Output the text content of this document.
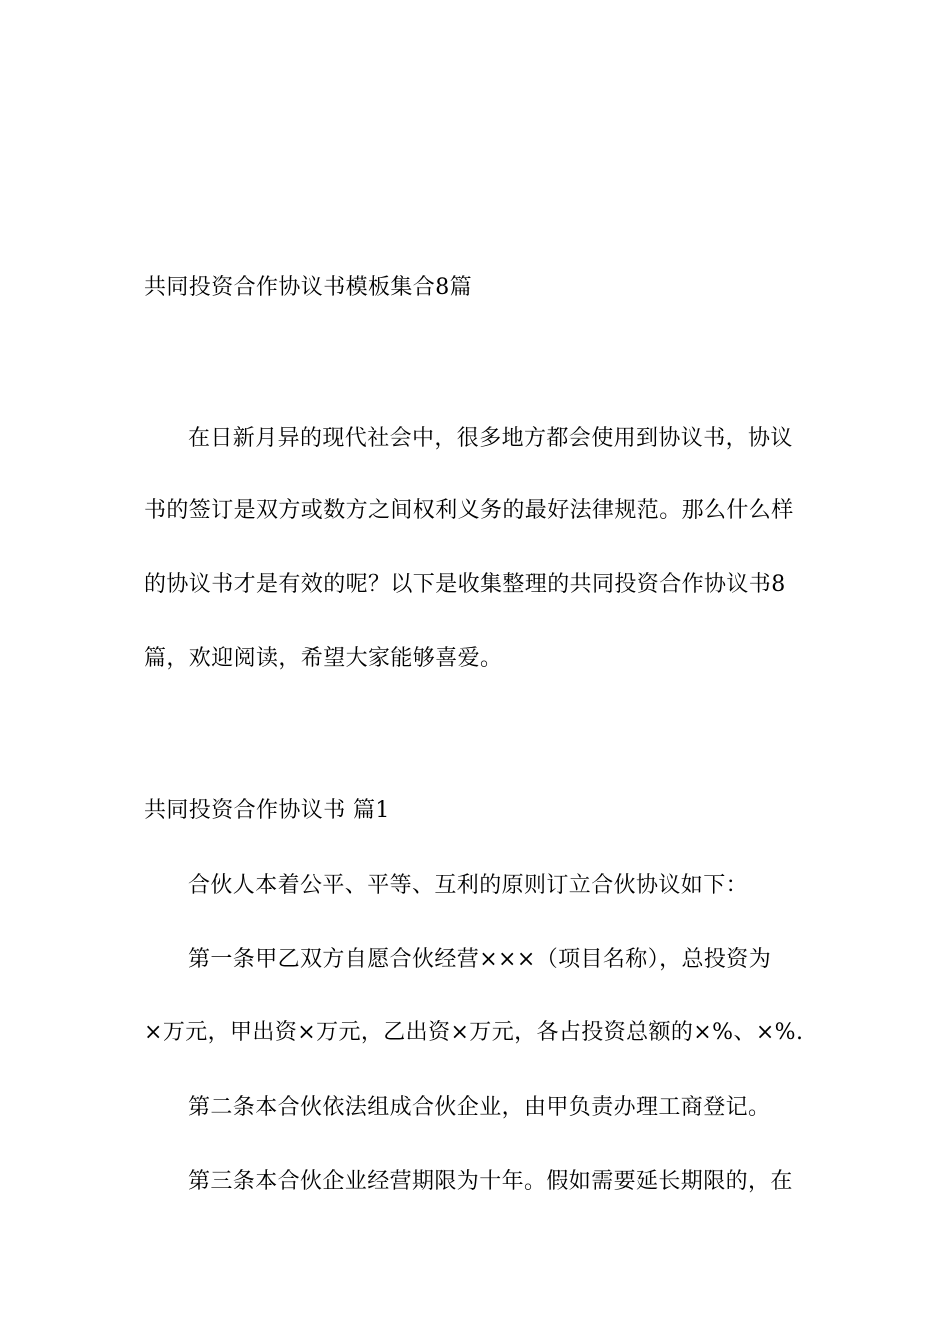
共同投资合作协议书模板集合8篇
在日新月异的现代社会中，很多地方都会使用到协议书，协议
书的签订是双方或数方之间权利义务的最好法律规范。那么什么样
的协议书才是有效的呢？以下是收集整理的共同投资合作协议书8
篇，欢迎阅读，希望大家能够喜爱。
共同投资合作协议书 篇1
合伙人本着公平、平等、互利的原则订立合伙协议如下：
第一条甲乙双方自愿合伙经营×××（项目名称），总投资为
×万元，甲出资×万元，乙出资×万元，各占投资总额的×%、×%.
第二条本合伙依法组成合伙企业，由甲负责办理工商登记。
第三条本合伙企业经营期限为十年。假如需要延长期限的，在
